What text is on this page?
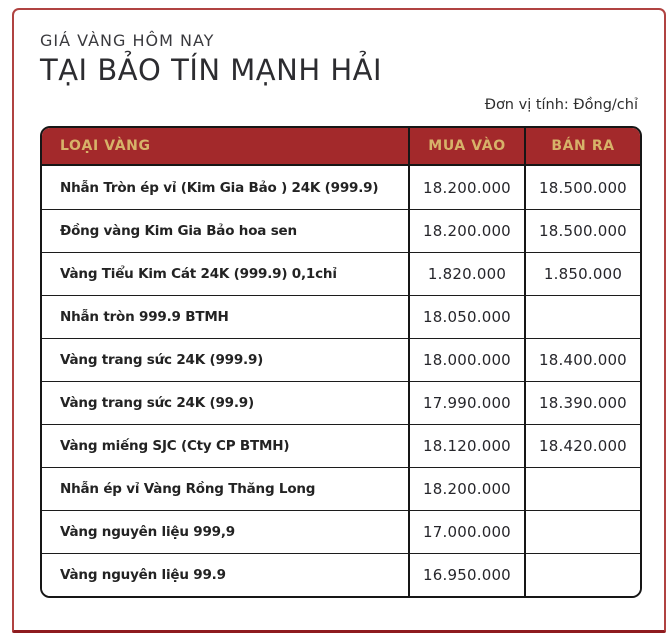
GIÁ VÀNG HÔM NAY
TẠI BẢO TÍN MẠNH HẢI
Đơn vị tính: Đồng/chỉ
LOẠI VÀNG	MUA VÀO	BÁN RA
Nhẫn Tròn ép vỉ (Kim Gia Bảo ) 24K (999.9)	18.200.000	18.500.000
Đồng vàng Kim Gia Bảo hoa sen	18.200.000	18.500.000
Vàng Tiểu Kim Cát 24K (999.9) 0,1chỉ	1.820.000	1.850.000
Nhẫn tròn 999.9 BTMH	18.050.000	
Vàng trang sức 24K (999.9)	18.000.000	18.400.000
Vàng trang sức 24K (99.9)	17.990.000	18.390.000
Vàng miếng SJC (Cty CP BTMH)	18.120.000	18.420.000
Nhẫn ép vỉ Vàng Rồng Thăng Long	18.200.000	
Vàng nguyên liệu 999,9	17.000.000	
Vàng nguyên liệu 99.9	16.950.000	
